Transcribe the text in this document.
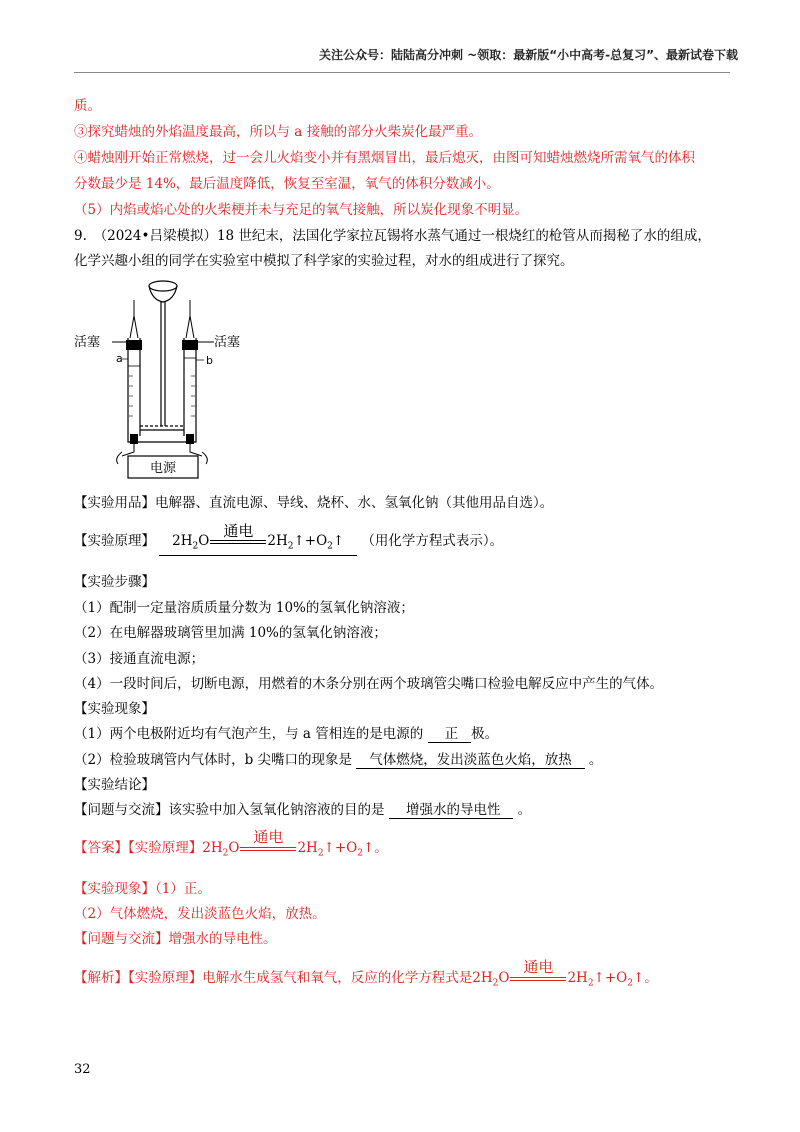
关注公众号：陆陆高分冲刺 ~领取：最新版“小中高考-总复习”、最新试卷下载
质。
③探究蜡烛的外焰温度最高，所以与 a 接触的部分火柴炭化最严重。
④蜡烛刚开始正常燃烧，过一会儿火焰变小并有黑烟冒出，最后熄灭，由图可知蜡烛燃烧所需氧气的体积
分数最少是 14%，最后温度降低，恢复至室温，氧气的体积分数减小。
（5）内焰或焰心处的火柴梗并未与充足的氧气接触，所以炭化现象不明显。
9.　（2024•吕梁模拟）18 世纪末，法国化学家拉瓦锡将水蒸气通过一根烧红的枪管从而揭秘了水的组成，
化学兴趣小组的同学在实验室中模拟了科学家的实验过程，对水的组成进行了探究。
电源
活塞	活塞
a	b
【实验用品】电解器、直流电源、导线、烧杯、水、氢氧化钠（其他用品自选）。
【实验原理】 $2H_2O$
通电
$2H_2↑+O_2↑$ （用化学方程式表示）。
【实验步骤】
（1）配制一定量溶质质量分数为 10%的氢氧化钠溶液；
（2）在电解器玻璃管里加满 10%的氢氧化钠溶液；
（3）接通直流电源；
（4）一段时间后，切断电源，用燃着的木条分别在两个玻璃管尖嘴口检验电解反应中产生的气体。
【实验现象】
（1）两个电极附近均有气泡产生，与 a 管相连的是电源的 正 极。
（2）检验玻璃管内气体时，b 尖嘴口的现象是 气体燃烧，发出淡蓝色火焰，放热 。
【实验结论】
【问题与交流】该实验中加入氢氧化钠溶液的目的是 增强水的导电性 。
【答案】【实验原理】$2H_2O$
通电
$2H_2↑+O_2↑$。
【实验现象】（1）正。
（2）气体燃烧，发出淡蓝色火焰，放热。
【问题与交流】增强水的导电性。
【解析】【实验原理】电解水生成氢气和氧气，反应的化学方程式是$2H_2O$
通电
$2H_2↑+O_2↑$。
32
